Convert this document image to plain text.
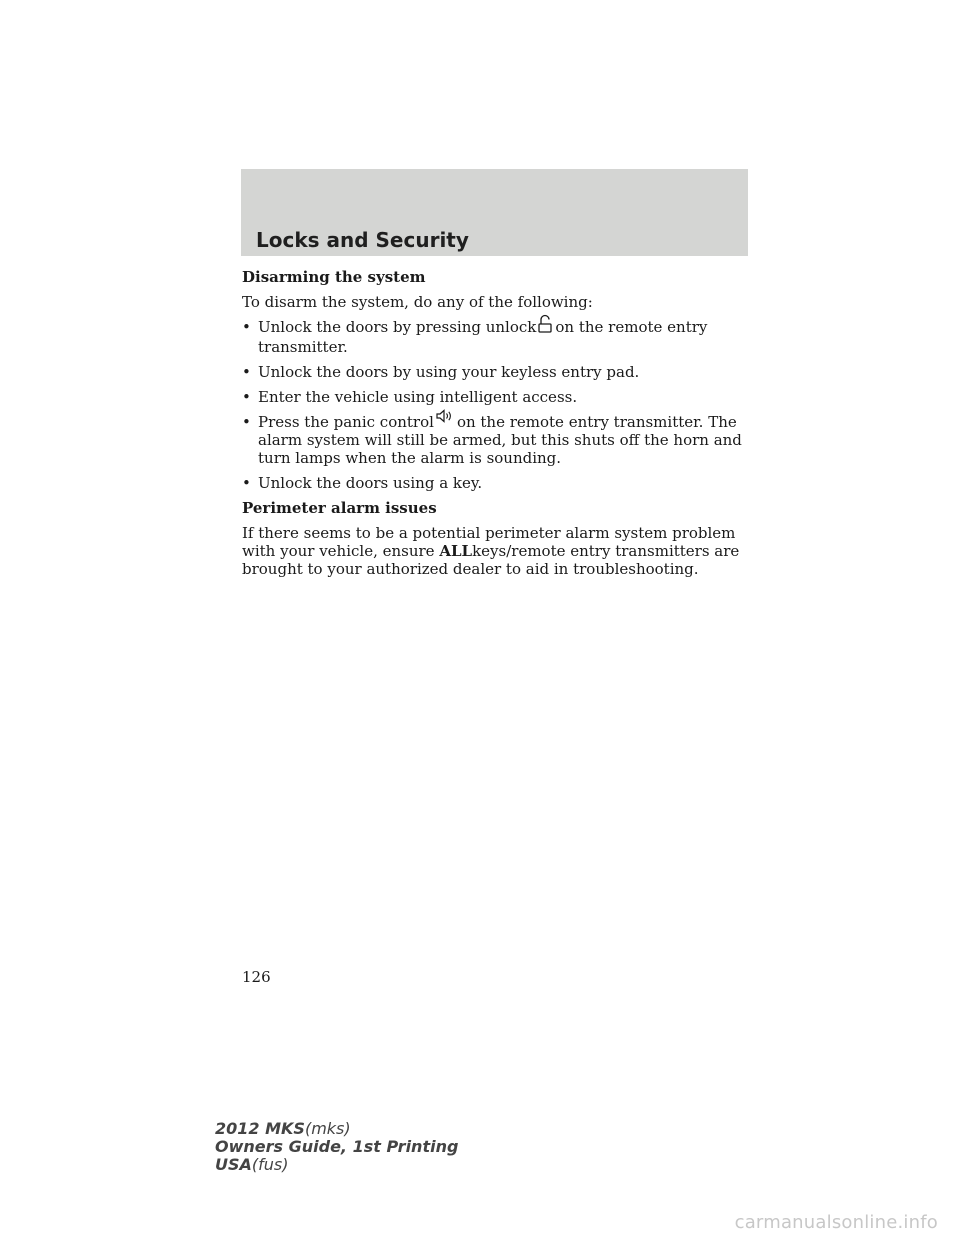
Locks and Security
Disarming the system
To disarm the system, do any of the following:
• Unlock the doors by pressing unlock on the remote entry transmitter.
• Unlock the doors by using your keyless entry pad.
• Enter the vehicle using intelligent access.
• Press the panic control on the remote entry transmitter. The alarm system will still be armed, but this shuts off the horn and turn lamps when the alarm is sounding.
• Unlock the doors using a key.
Perimeter alarm issues
If there seems to be a potential perimeter alarm system problem with your vehicle, ensure ALLkeys/remote entry transmitters are brought to your authorized dealer to aid in troubleshooting.
126
2012 MKS(mks)
Owners Guide, 1st Printing
USA(fus)
carmanualsonline.info
